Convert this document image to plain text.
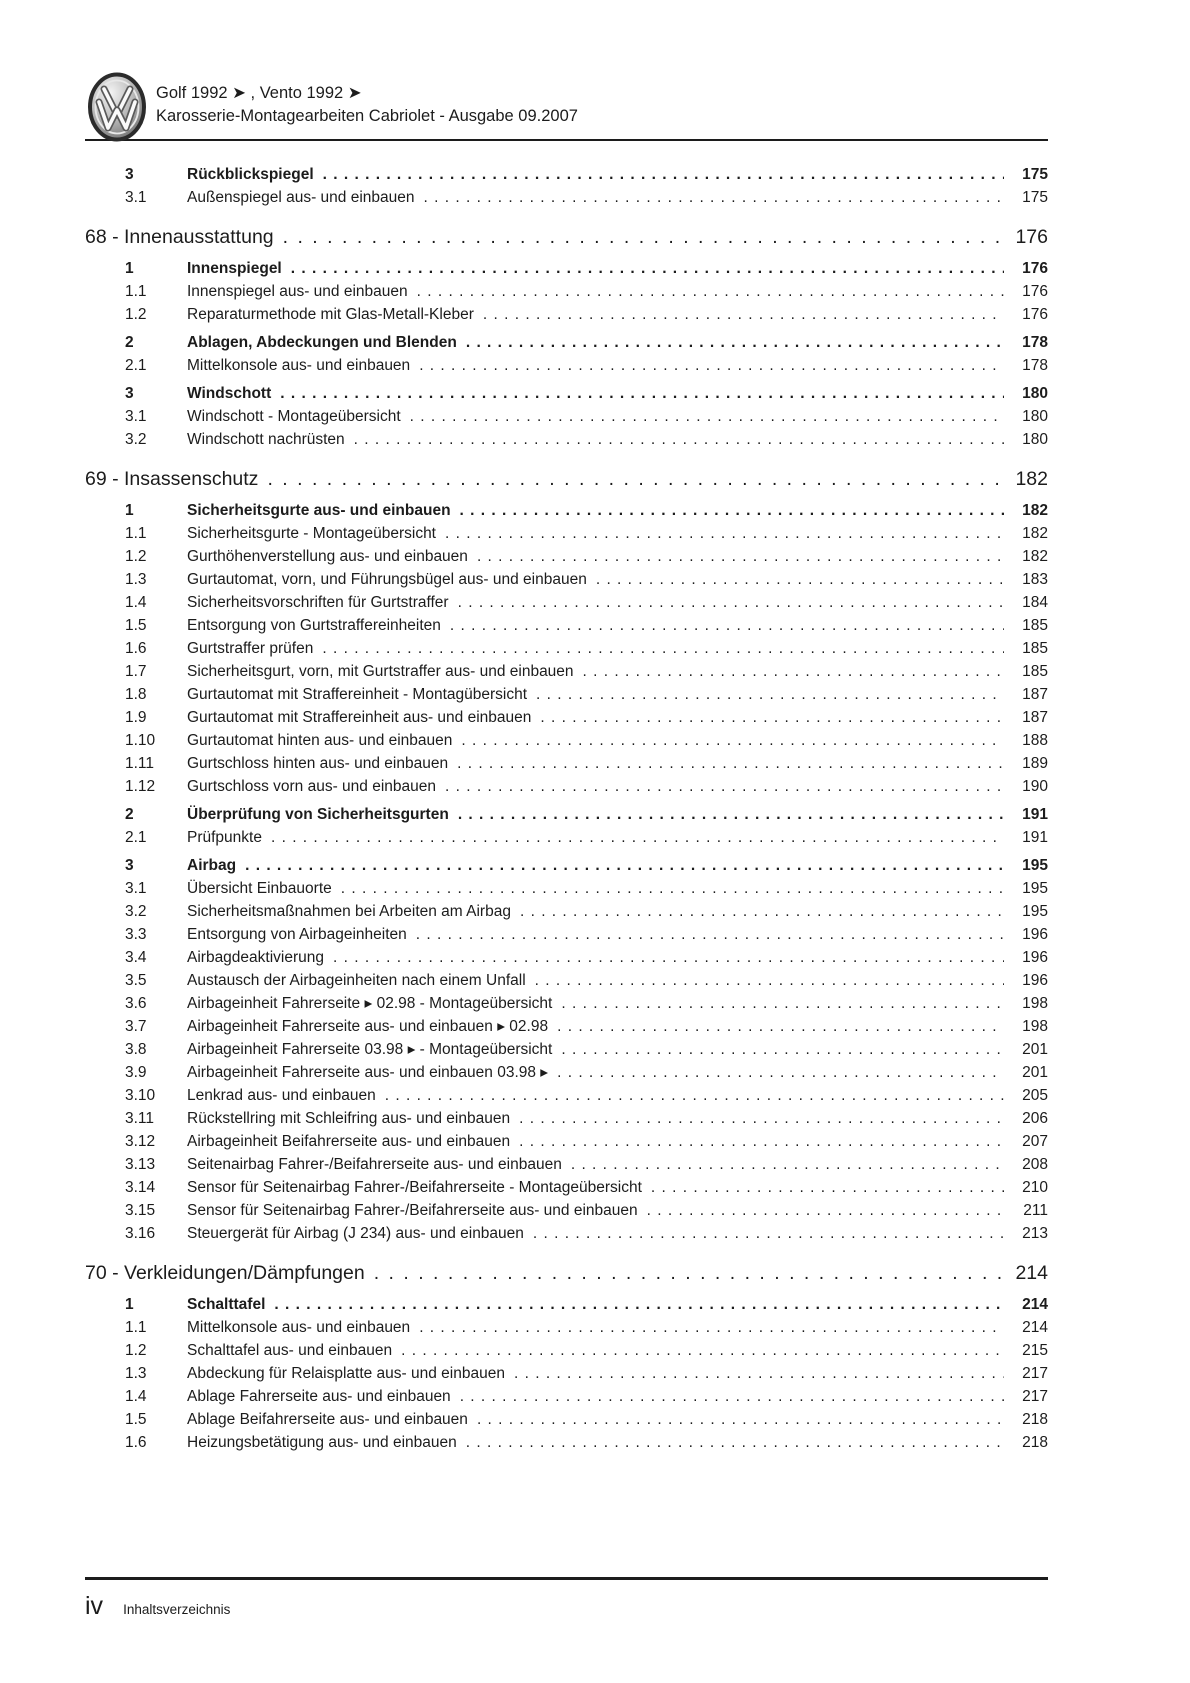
Golf 1992 ➤ , Vento 1992 ➤
Karosserie-Montagearbeiten Cabriolet - Ausgabe 09.2007
3	Rückblickspiegel . . .	175
3.1	Außenspiegel aus- und einbauen . . .	175
68 - Innenausstattung . . .	176
1	Innenspiegel . . .	176
1.1	Innenspiegel aus- und einbauen . . .	176
1.2	Reparaturmethode mit Glas-Metall-Kleber . . .	176
2	Ablagen, Abdeckungen und Blenden . . .	178
2.1	Mittelkonsole aus- und einbauen . . .	178
3	Windschott . . .	180
3.1	Windschott - Montageübersicht . . .	180
3.2	Windschott nachrüsten . . .	180
69 - Insassenschutz . . .	182
1	Sicherheitsgurte aus- und einbauen . . .	182
1.1	Sicherheitsgurte - Montageübersicht . . .	182
1.2	Gurthöhenverstellung aus- und einbauen . . .	182
1.3	Gurtautomat, vorn, und Führungsbügel aus- und einbauen . . .	183
1.4	Sicherheitsvorschriften für Gurtstraffer . . .	184
1.5	Entsorgung von Gurtstraffereinheiten . . .	185
1.6	Gurtstraffer prüfen . . .	185
1.7	Sicherheitsgurt, vorn, mit Gurtstraffer aus- und einbauen . . .	185
1.8	Gurtautomat mit Straffereinheit - Montagübersicht . . .	187
1.9	Gurtautomat mit Straffereinheit aus- und einbauen . . .	187
1.10	Gurtautomat hinten aus- und einbauen . . .	188
1.11	Gurtschloss hinten aus- und einbauen . . .	189
1.12	Gurtschloss vorn aus- und einbauen . . .	190
2	Überprüfung von Sicherheitsgurten . . .	191
2.1	Prüfpunkte . . .	191
3	Airbag . . .	195
3.1	Übersicht Einbauorte . . .	195
3.2	Sicherheitsmaßnahmen bei Arbeiten am Airbag . . .	195
3.3	Entsorgung von Airbageinheiten . . .	196
3.4	Airbagdeaktivierung . . .	196
3.5	Austausch der Airbageinheiten nach einem Unfall . . .	196
3.6	Airbageinheit Fahrerseite ▸ 02.98 - Montageübersicht . . .	198
3.7	Airbageinheit Fahrerseite aus- und einbauen ▸ 02.98 . . .	198
3.8	Airbageinheit Fahrerseite 03.98 ▸ - Montageübersicht . . .	201
3.9	Airbageinheit Fahrerseite aus- und einbauen 03.98 ▸ . . .	201
3.10	Lenkrad aus- und einbauen . . .	205
3.11	Rückstellring mit Schleifring aus- und einbauen . . .	206
3.12	Airbageinheit Beifahrerseite aus- und einbauen . . .	207
3.13	Seitenairbag Fahrer-/Beifahrerseite aus- und einbauen . . .	208
3.14	Sensor für Seitenairbag Fahrer-/Beifahrerseite - Montageübersicht . . .	210
3.15	Sensor für Seitenairbag Fahrer-/Beifahrerseite aus- und einbauen . . .	211
3.16	Steuergerät für Airbag (J 234) aus- und einbauen . . .	213
70 - Verkleidungen/Dämpfungen . . .	214
1	Schalttafel . . .	214
1.1	Mittelkonsole aus- und einbauen . . .	214
1.2	Schalttafel aus- und einbauen . . .	215
1.3	Abdeckung für Relaisplatte aus- und einbauen . . .	217
1.4	Ablage Fahrerseite aus- und einbauen . . .	217
1.5	Ablage Beifahrerseite aus- und einbauen . . .	218
1.6	Heizungsbetätigung aus- und einbauen . . .	218
iv Inhaltsverzeichnis
